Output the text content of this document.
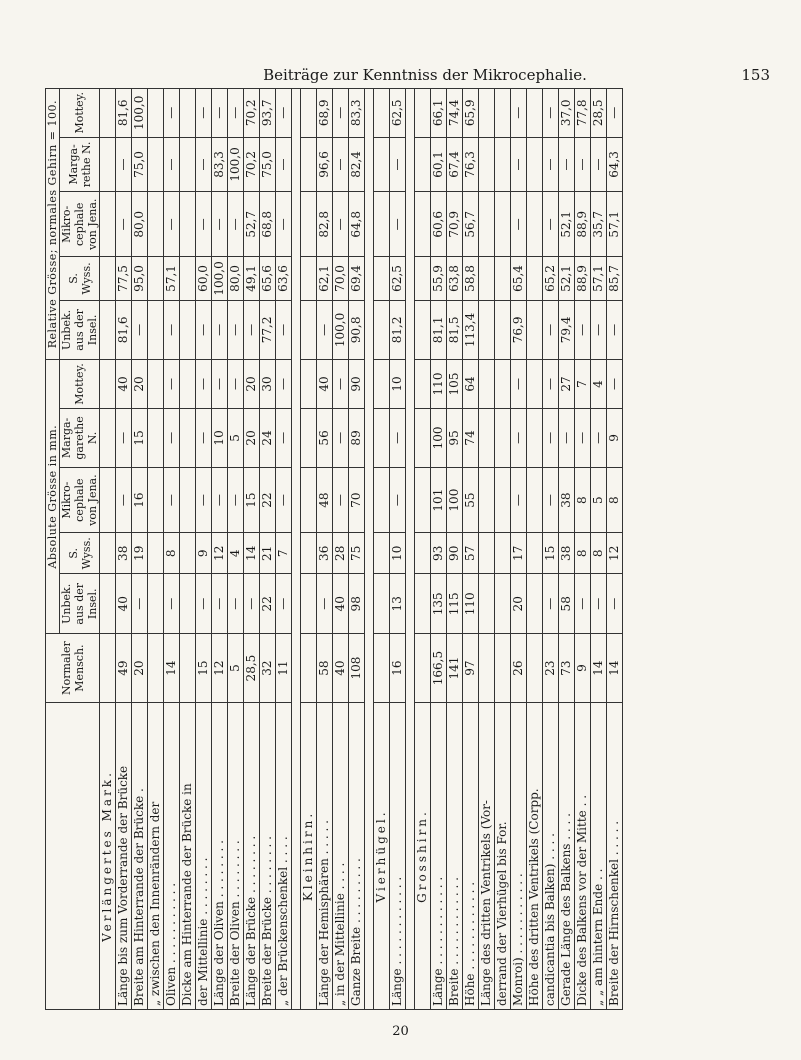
Beiträge zur Kenntniss der Mikrocephalie.	153
	Normaler Mensch.	Absolute Grösse in mm.					Relative Grösse; normales Gehirn = 100.				
		Unbek. aus der Insel.	S. Wyss.	Mikro-cephale von Jena.	Marga-garethe N.	Mottey.	Unbek. aus der Insel.	S. Wyss.	Mikro-cephale von Jena.	Marga-rethe N.	Mottey.
Verlängertes Mark.											
Länge bis zum Vorderrande der Brücke	49	40	38	—	—	40	81,6	77,5	—	—	81,6
Breite am Hinterrande der Brücke .	20	—	19	16	15	20	—	95,0	80,0	75,0	100,0
„ zwischen den Innenrändern der											
Oliven . . . . . . . . . . .	14	—	8	—	—	—	—	57,1	—	—	—
Dicke am Hinterrande der Brücke in											
der Mittellinie . . . . . . . .	15	—	9	—	—	—	—	60,0	—	—	—
Länge der Oliven . . . . . . . .	12	—	12	—	10	—	—	100,0	—	83,3	—
Breite der Oliven . . . . . . . .	5	—	4	—	5	—	—	80,0	—	100,0	—
Länge der Brücke . . . . . . . .	28,5	—	14	15	20	20	—	49,1	52,7	70,2	70,2
Breite der Brücke . . . . . . . .	32	22	21	22	24	30	77,2	65,6	68,8	75,0	93,7
„ der Brückenschenkel . . . .	11	—	7	—	—	—	—	63,6	—	—	—

Kleinhirn.											
Länge der Hemisphären . . . . .	58	—	36	48	56	40	—	62,1	82,8	96,6	68,9
„ in der Mittellinie . . . .	40	40	28	—	—	—	100,0	70,0	—	—	—
Ganze Breite . . . . . . . . .	108	98	75	70	89	90	90,8	69,4	64,8	82,4	83,3

Vierhügel.											
Länge . . . . . . . . . . . .	16	13	10	—	—	10	81,2	62,5	—	—	62,5

Grosshirn.											
Länge . . . . . . . . . . . .	166,5	135	93	101	100	110	81,1	55,9	60,6	60,1	66,1
Breite . . . . . . . . . . . .	141	115	90	100	95	105	81,5	63,8	70,9	67,4	74,4
Höhe . . . . . . . . . . . .	97	110	57	55	74	64	113,4	58,8	56,7	76,3	65,9
Länge des dritten Ventrikels (Vor-											
derrand der Vierhügel bis For.											
Monroi) . . . . . . . . . . .	26	20	17	—	—	—	76,9	65,4	—	—	—
Höhe des dritten Ventrikels (Corpp.											
candicantia bis Balken) . . . .	23	—	15	—	—	—	—	65,2	—	—	—
Gerade Länge des Balkens . . . .	73	58	38	38	—	27	79,4	52,1	52,1	—	37,0
Dicke des Balkens vor der Mitte . .	9	—	8	8	—	7	—	88,9	88,9	—	77,8
„ „ am hintern Ende . .	14	—	8	5	—	4	—	57,1	35,7	—	28,5
Breite der Hirnschenkel . . . . .	14	—	12	8	9	—	—	85,7	57,1	64,3	—
20
